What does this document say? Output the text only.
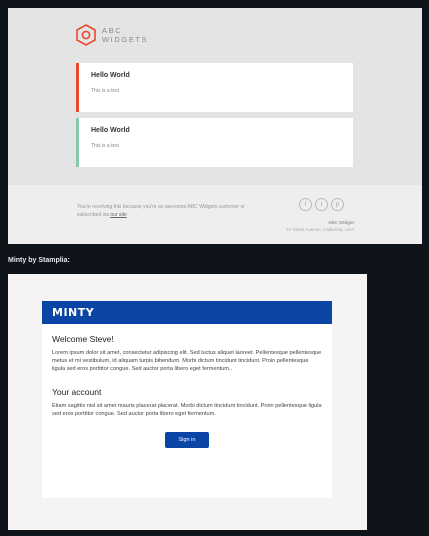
ABC
WIDGETS
Hello World
This is a test
Hello World
This is a test
You're receiving this because you're an awesome ABC Widgets customer or subscribed via our site
f	t	p
ABC Widget
67 Street Avenue, California, USA
Minty by Stamplia:
MINTY
Welcome Steve!

Lorem ipsum dolor sit amet, consectetur adipiscing elit. Sed luctus aliquet laoreet. Pellentesque pellentesque metus et mi vestibulum, id aliquam turpis bibendum. Morbi dictum tincidunt tincidunt. Proin pellentesque ligula sed eros porttitor congue. Sed auctor porta libero eget fermentum..

Your account

Etiam sagittis nisl sit amet mauris placerat placerat. Morbi dictum tincidunt tincidunt. Proin pellentesque ligula sed eros porttitor congue. Sed auctor porta libero eget fermentum.

Sign in
